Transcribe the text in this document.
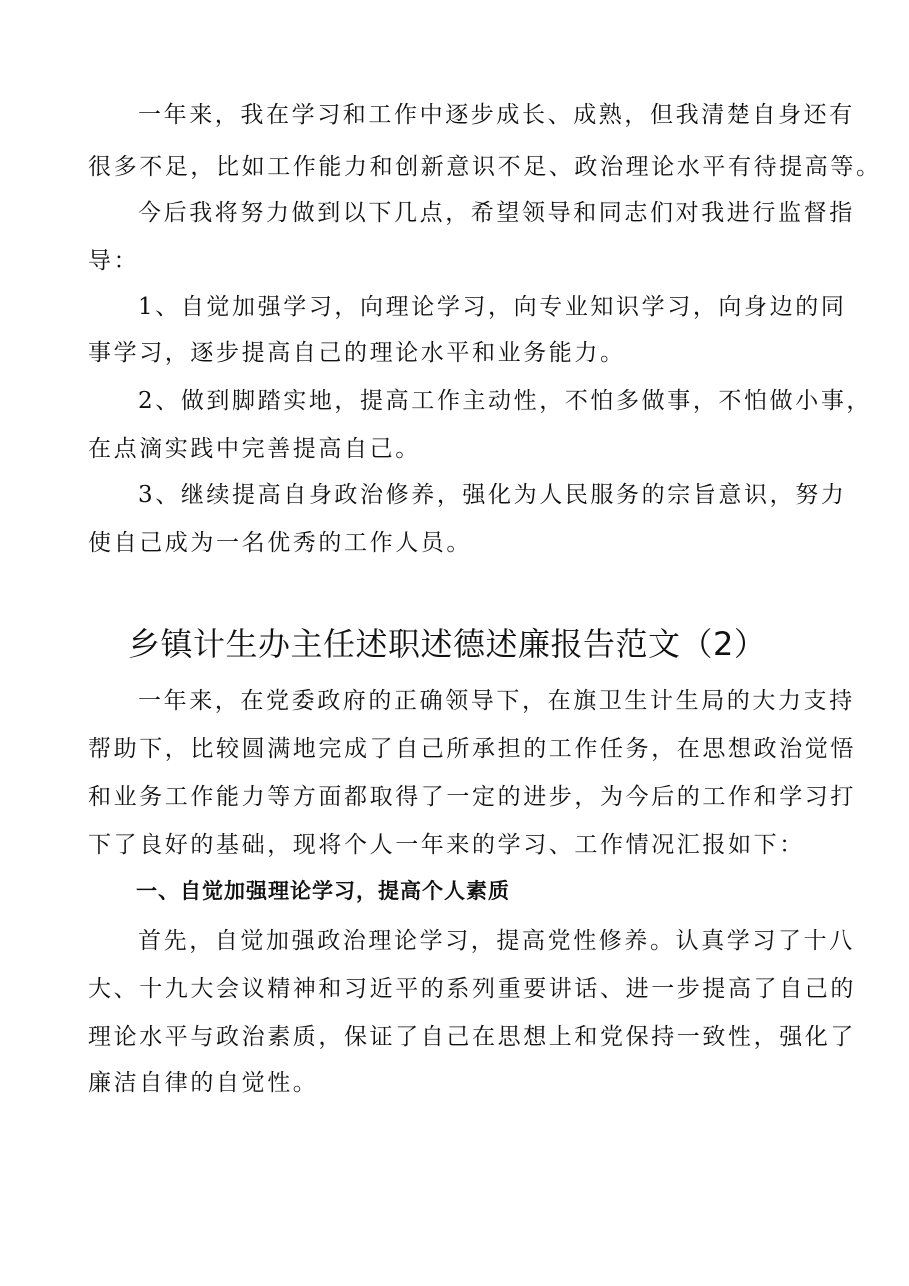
一年来，我在学习和工作中逐步成长、成熟，但我清楚自身还有
很多不足，比如工作能力和创新意识不足、政治理论水平有待提高等。
今后我将努力做到以下几点，希望领导和同志们对我进行监督指
导：
1、自觉加强学习，向理论学习，向专业知识学习，向身边的同
事学习，逐步提高自己的理论水平和业务能力。
2、做到脚踏实地，提高工作主动性，不怕多做事，不怕做小事，
在点滴实践中完善提高自己。
3、继续提高自身政治修养，强化为人民服务的宗旨意识，努力
使自己成为一名优秀的工作人员。
乡镇计生办主任述职述德述廉报告范文（2）
一年来，在党委政府的正确领导下，在旗卫生计生局的大力支持
帮助下，比较圆满地完成了自己所承担的工作任务，在思想政治觉悟
和业务工作能力等方面都取得了一定的进步，为今后的工作和学习打
下了良好的基础，现将个人一年来的学习、工作情况汇报如下：
一、自觉加强理论学习，提高个人素质
首先，自觉加强政治理论学习，提高党性修养。认真学习了十八
大、十九大会议精神和习近平的系列重要讲话、进一步提高了自己的
理论水平与政治素质，保证了自己在思想上和党保持一致性，强化了
廉洁自律的自觉性。
